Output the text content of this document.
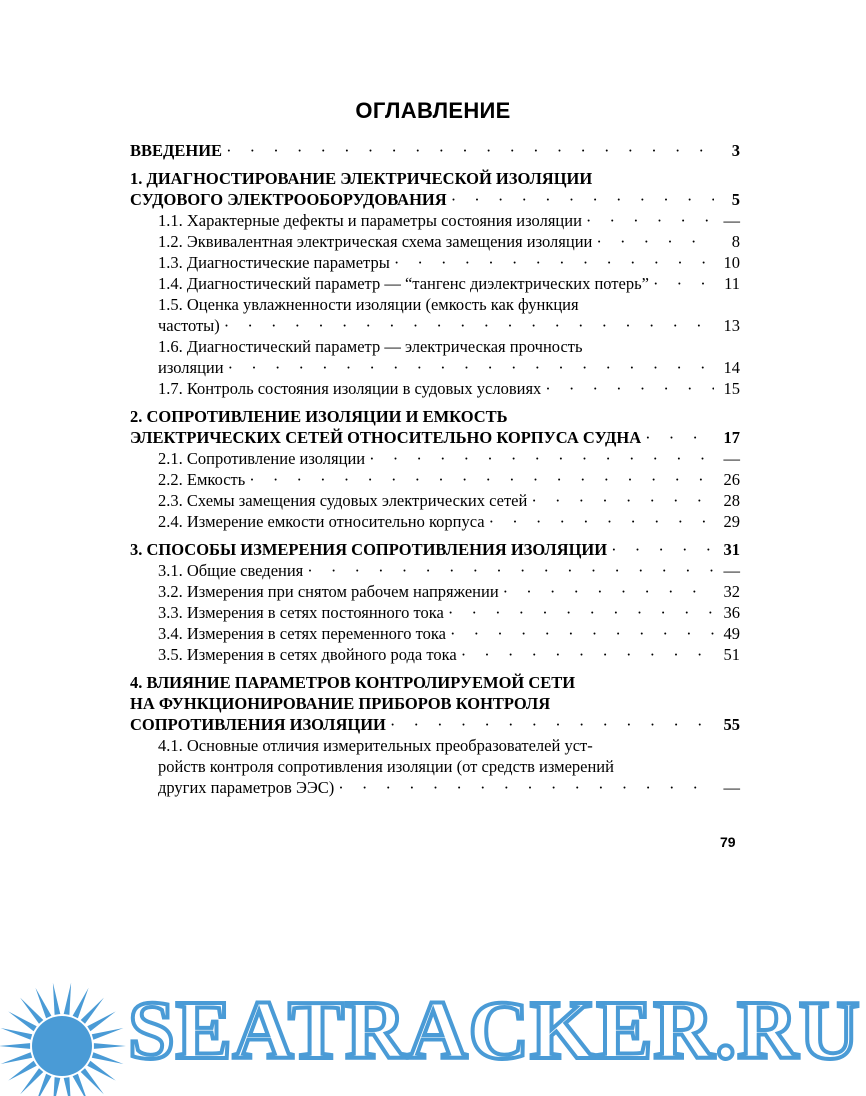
ОГЛАВЛЕНИЕ
ВВЕДЕНИЕ · · ·	3
1. ДИАГНОСТИРОВАНИЕ ЭЛЕКТРИЧЕСКОЙ ИЗОЛЯЦИИ
СУДОВОГО ЭЛЕКТРООБОРУДОВАНИЯ · · ·	5
1.1. Характерные дефекты и параметры состояния изоляции · · ·	—
1.2. Эквивалентная электрическая схема замещения изоляции · · ·	8
1.3. Диагностические параметры · · ·	10
1.4. Диагностический параметр — “тангенс диэлектрических потерь” · · ·	11
1.5. Оценка увлажненности изоляции (емкость как функция
частоты) · · ·	13
1.6. Диагностический параметр — электрическая прочность
изоляции · · ·	14
1.7. Контроль состояния изоляции в судовых условиях · · ·	15
2. СОПРОТИВЛЕНИЕ ИЗОЛЯЦИИ И ЕМКОСТЬ
ЭЛЕКТРИЧЕСКИХ СЕТЕЙ ОТНОСИТЕЛЬНО КОРПУСА СУДНА · · ·	17
2.1. Сопротивление изоляции · · ·	—
2.2. Емкость · · ·	26
2.3. Схемы замещения судовых электрических сетей · · ·	28
2.4. Измерение емкости относительно корпуса · · ·	29
3. СПОСОБЫ ИЗМЕРЕНИЯ СОПРОТИВЛЕНИЯ ИЗОЛЯЦИИ · · ·	31
3.1. Общие сведения · · ·	—
3.2. Измерения при снятом рабочем напряжении · · ·	32
3.3. Измерения в сетях постоянного тока · · ·	36
3.4. Измерения в сетях переменного тока · · ·	49
3.5. Измерения в сетях двойного рода тока · · ·	51
4. ВЛИЯНИЕ ПАРАМЕТРОВ КОНТРОЛИРУЕМОЙ СЕТИ
НА ФУНКЦИОНИРОВАНИЕ ПРИБОРОВ КОНТРОЛЯ
СОПРОТИВЛЕНИЯ ИЗОЛЯЦИИ · · ·	55
4.1. Основные отличия измерительных преобразователей уст-
ройств контроля сопротивления изоляции (от средств измерений
других параметров ЭЭС) · · ·	—
79
SEATRACKER.RU
